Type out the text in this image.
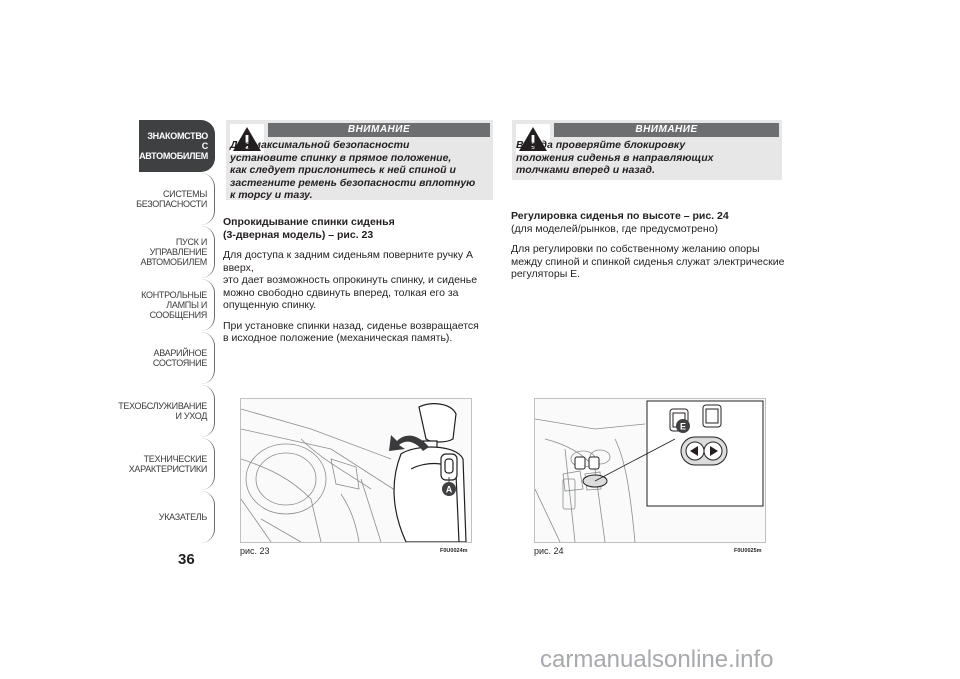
ЗНАКОМСТВО С
АВТОМОБИЛЕМ
СИСТЕМЫ
БЕЗОПАСНОСТИ
ПУСК И УПРАВЛЕНИЕ
АВТОМОБИЛЕМ
КОНТРОЛЬНЫЕ
ЛАМПЫ И
СООБЩЕНИЯ
АВАРИЙНОЕ
СОСТОЯНИЕ
ТЕХОБСЛУЖИВАНИЕ
И УХОД
ТЕХНИЧЕСКИЕ
ХАРАКТЕРИСТИКИ
УКАЗАТЕЛЬ
36
ВНИМАНИЕ
Для максимальной безопасности
установите спинку в прямое положение,
как следует прислонитесь к ней спиной и
застегните ремень безопасности вплотную
к торсу и тазу.
ВНИМАНИЕ
Всегда проверяйте блокировку
положения сиденья в направляющих
толчками вперед и назад.
Опрокидывание спинки сиденья
(3-дверная модель) – рис. 23

Для доступа к задним сиденьям поверните ручку А вверх,
это дает возможность опрокинуть спинку, и сиденье
можно свободно сдвинуть вперед, толкая его за
опущенную спинку.

При установке спинки назад, сиденье возвращается
в исходное положение (механическая память).

Регулировка сиденья по высоте – рис. 24
(для моделей/рынков, где предусмотрено)

Для регулировки по собственному желанию опоры
между спиной и спинкой сиденья служат электрические
регуляторы Е.

A
рис. 23	F0U0024m
E
рис. 24	F0U0025m
carmanualsonline.info
